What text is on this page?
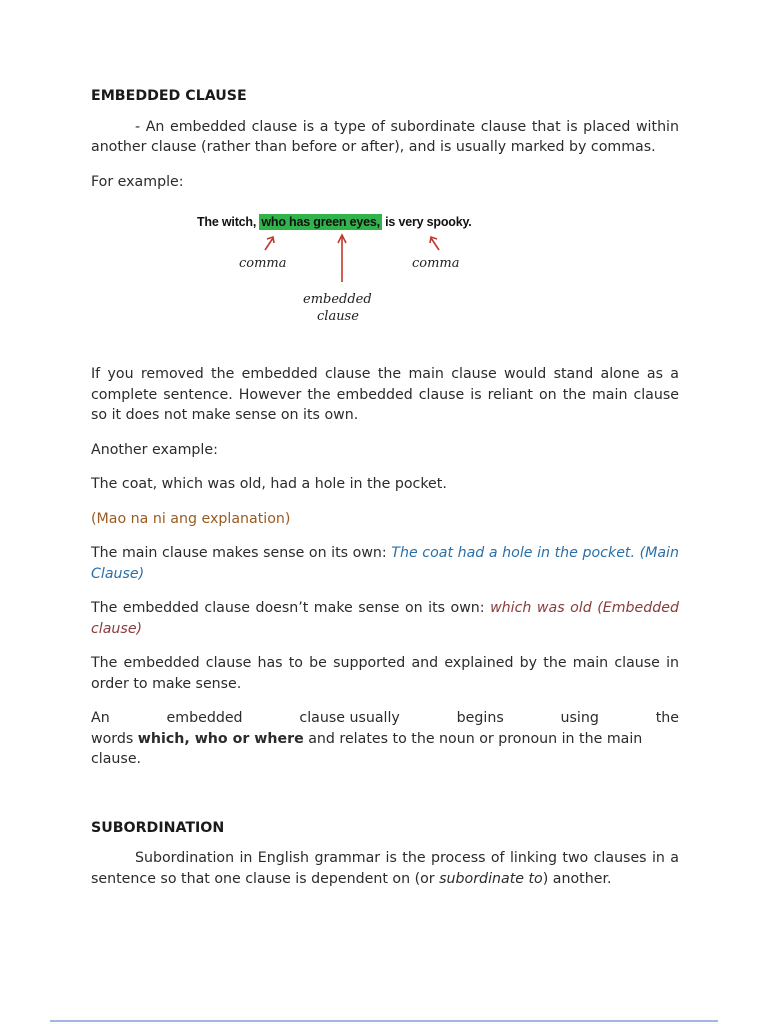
EMBEDDED CLAUSE

- An embedded clause is a type of subordinate clause that is placed within another clause (rather than before or after), and is usually marked by commas.

For example:

The witch, who has green eyes, is very spooky.
comma	comma
embedded
clause

If you removed the embedded clause the main clause would stand alone as a complete sentence. However the embedded clause is reliant on the main clause so it does not make sense on its own.

Another example:

The coat, which was old, had a hole in the pocket.

(Mao na ni ang explanation)

The main clause makes sense on its own: The coat had a hole in the pocket. (Main Clause)

The embedded clause doesn’t make sense on its own: which was old (Embedded clause)

The embedded clause has to be supported and explained by the main clause in order to make sense.

An	embedded	clause usually	begins	using	the
words which, who or where and relates to the noun or pronoun in the main clause.
SUBORDINATION

Subordination in English grammar is the process of linking two clauses in a sentence so that one clause is dependent on (or subordinate to) another.
